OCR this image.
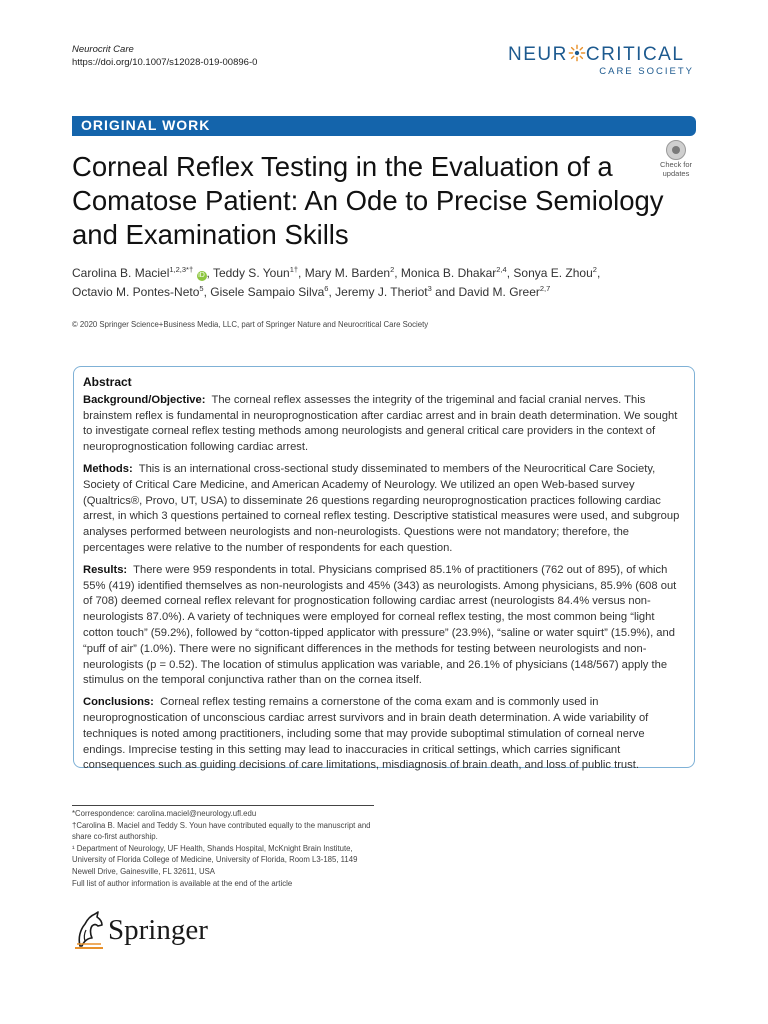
Neurocrit Care
https://doi.org/10.1007/s12028-019-00896-0	NEUR CRITICAL
CARE SOCIETY
ORIGINAL WORK
Corneal Reflex Testing in the Evaluation of a Comatose Patient: An Ode to Precise Semiology and Examination Skills
Check for
updates
Carolina B. Maciel$^{1,2,3*\dagger}$ iD , Teddy S. Youn$^{1\dagger}$, Mary M. Barden$^2$, Monica B. Dhakar$^{2,4}$, Sonya E. Zhou$^2$,
Octavio M. Pontes-Neto$^5$, Gisele Sampaio Silva$^6$, Jeremy J. Theriot$^3$ and David M. Greer$^{2,7}$
© 2020 Springer Science+Business Media, LLC, part of Springer Nature and Neurocritical Care Society
Abstract

Background/Objective: The corneal reflex assesses the integrity of the trigeminal and facial cranial nerves. This brainstem reflex is fundamental in neuroprognostication after cardiac arrest and in brain death determination. We sought to investigate corneal reflex testing methods among neurologists and general critical care providers in the context of neuroprognostication following cardiac arrest.

Methods: This is an international cross-sectional study disseminated to members of the Neurocritical Care Society, Society of Critical Care Medicine, and American Academy of Neurology. We utilized an open Web-based survey (Qualtrics®, Provo, UT, USA) to disseminate 26 questions regarding neuroprognostication practices following cardiac arrest, in which 3 questions pertained to corneal reflex testing. Descriptive statistical measures were used, and subgroup analyses performed between neurologists and non-neurologists. Questions were not mandatory; therefore, the percentages were relative to the number of respondents for each question.

Results: There were 959 respondents in total. Physicians comprised 85.1% of practitioners (762 out of 895), of which 55% (419) identified themselves as non-neurologists and 45% (343) as neurologists. Among physicians, 85.9% (608 out of 708) deemed corneal reflex relevant for prognostication following cardiac arrest (neurologists 84.4% versus non-neurologists 87.0%). A variety of techniques were employed for corneal reflex testing, the most common being “light cotton touch” (59.2%), followed by “cotton-tipped applicator with pressure” (23.9%), “saline or water squirt” (15.9%), and “puff of air” (1.0%). There were no significant differences in the methods for testing between neurologists and non-neurologists (p = 0.52). The location of stimulus application was variable, and 26.1% of physicians (148/567) apply the stimulus on the temporal conjunctiva rather than on the cornea itself.

Conclusions: Corneal reflex testing remains a cornerstone of the coma exam and is commonly used in neuroprognostication of unconscious cardiac arrest survivors and in brain death determination. A wide variability of techniques is noted among practitioners, including some that may provide suboptimal stimulation of corneal nerve endings. Imprecise testing in this setting may lead to inaccuracies in critical settings, which carries significant consequences such as guiding decisions of care limitations, misdiagnosis of brain death, and loss of public trust.

*Correspondence: carolina.maciel@neurology.ufl.edu
†Carolina B. Maciel and Teddy S. Youn have contributed equally to the manuscript and share co-first authorship.
¹ Department of Neurology, UF Health, Shands Hospital, McKnight Brain Institute, University of Florida College of Medicine, University of Florida, Room L3-185, 1149 Newell Drive, Gainesville, FL 32611, USA
Full list of author information is available at the end of the article
Springer
